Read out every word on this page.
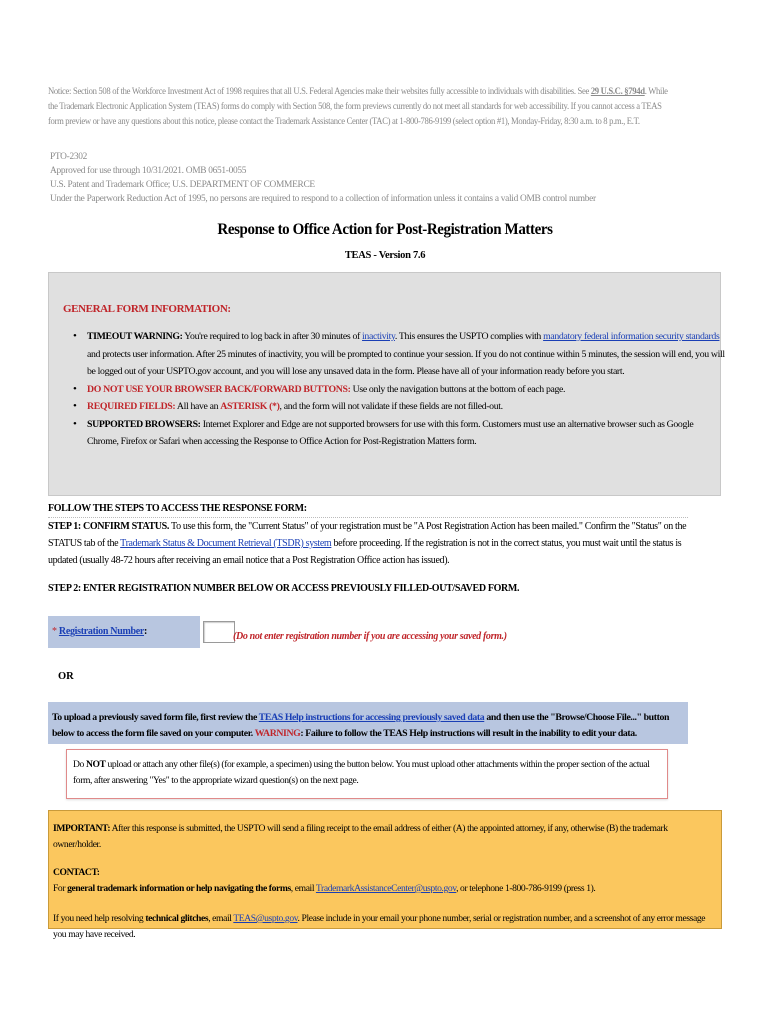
Notice: Section 508 of the Workforce Investment Act of 1998 requires that all U.S. Federal Agencies make their websites fully accessible to individuals with disabilities. See 29 U.S.C. §794d. While the Trademark Electronic Application System (TEAS) forms do comply with Section 508, the form previews currently do not meet all standards for web accessibility. If you cannot access a TEAS form preview or have any questions about this notice, please contact the Trademark Assistance Center (TAC) at 1-800-786-9199 (select option #1), Monday-Friday, 8:30 a.m. to 8 p.m., E.T.
PTO-2302
Approved for use through 10/31/2021. OMB 0651-0055
U.S. Patent and Trademark Office; U.S. DEPARTMENT OF COMMERCE
Under the Paperwork Reduction Act of 1995, no persons are required to respond to a collection of information unless it contains a valid OMB control number
Response to Office Action for Post-Registration Matters
TEAS - Version 7.6
GENERAL FORM INFORMATION:
• TIMEOUT WARNING: You're required to log back in after 30 minutes of inactivity. This ensures the USPTO complies with mandatory federal information security standards and protects user information. After 25 minutes of inactivity, you will be prompted to continue your session. If you do not continue within 5 minutes, the session will end, you will be logged out of your USPTO.gov account, and you will lose any unsaved data in the form. Please have all of your information ready before you start.
• DO NOT USE YOUR BROWSER BACK/FORWARD BUTTONS: Use only the navigation buttons at the bottom of each page.
• REQUIRED FIELDS: All have an ASTERISK (*), and the form will not validate if these fields are not filled-out.
• SUPPORTED BROWSERS: Internet Explorer and Edge are not supported browsers for use with this form. Customers must use an alternative browser such as Google Chrome, Firefox or Safari when accessing the Response to Office Action for Post-Registration Matters form.
FOLLOW THE STEPS TO ACCESS THE RESPONSE FORM:
STEP 1: CONFIRM STATUS. To use this form, the "Current Status" of your registration must be "A Post Registration Action has been mailed." Confirm the "Status" on the STATUS tab of the Trademark Status & Document Retrieval (TSDR) system before proceeding. If the registration is not in the correct status, you must wait until the status is updated (usually 48-72 hours after receiving an email notice that a Post Registration Office action has issued).
STEP 2: ENTER REGISTRATION NUMBER BELOW OR ACCESS PREVIOUSLY FILLED-OUT/SAVED FORM.
* Registration Number:	(Do not enter registration number if you are accessing your saved form.)
OR
To upload a previously saved form file, first review the TEAS Help instructions for accessing previously saved data and then use the "Browse/Choose File..." button below to access the form file saved on your computer. WARNING: Failure to follow the TEAS Help instructions will result in the inability to edit your data.
Do NOT upload or attach any other file(s) (for example, a specimen) using the button below. You must upload other attachments within the proper section of the actual form, after answering "Yes" to the appropriate wizard question(s) on the next page.
IMPORTANT: After this response is submitted, the USPTO will send a filing receipt to the email address of either (A) the appointed attorney, if any, otherwise (B) the trademark owner/holder.
CONTACT:
For general trademark information or help navigating the forms, email TrademarkAssistanceCenter@uspto.gov, or telephone 1-800-786-9199 (press 1).
If you need help resolving technical glitches, email TEAS@uspto.gov. Please include in your email your phone number, serial or registration number, and a screenshot of any error message you may have received.
